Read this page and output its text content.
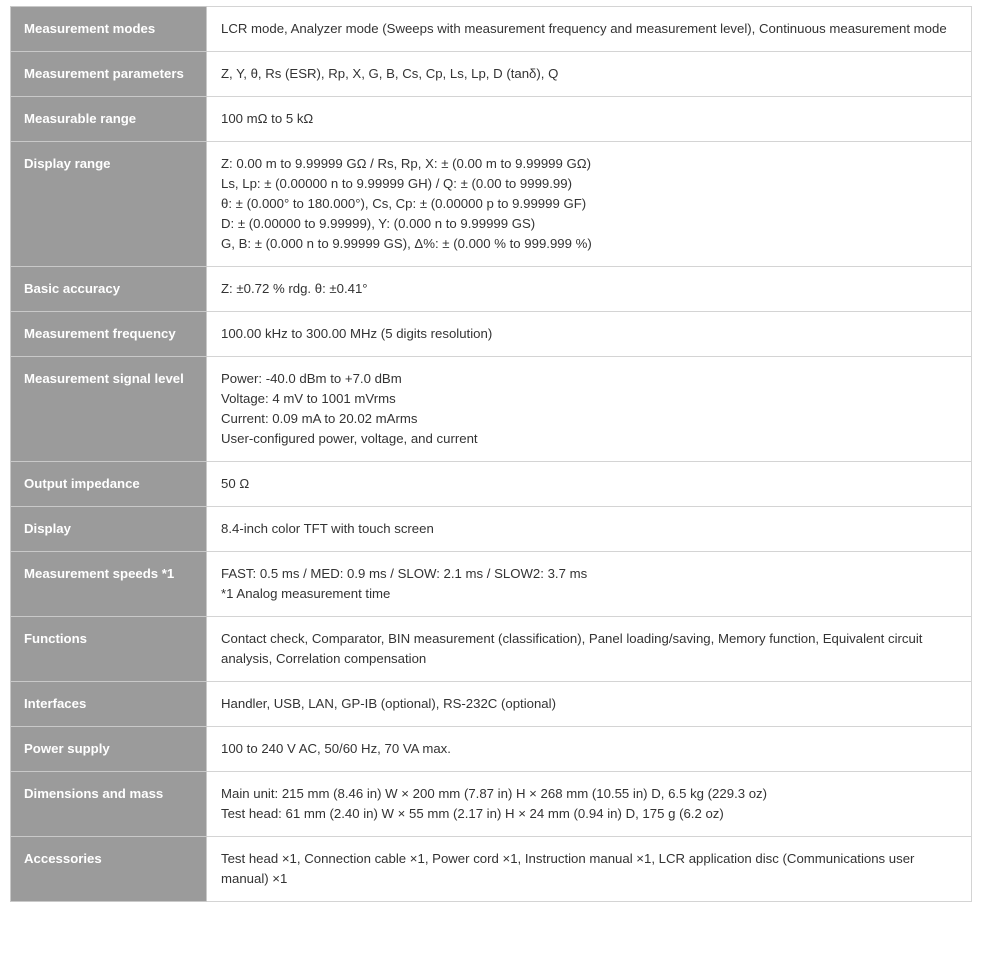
Measurement modes	LCR mode, Analyzer mode (Sweeps with measurement frequency and measurement level), Continuous measurement mode

Measurement parameters	Z, Y, θ, Rs (ESR), Rp, X, G, B, Cs, Cp, Ls, Lp, D (tanδ), Q

Measurable range	100 mΩ to 5 kΩ

Display range	Z: 0.00 m to 9.99999 GΩ / Rs, Rp, X: ± (0.00 m to 9.99999 GΩ)
Ls, Lp: ± (0.00000 n to 9.99999 GH) / Q: ± (0.00 to 9999.99)
θ: ± (0.000° to 180.000°), Cs, Cp: ± (0.00000 p to 9.99999 GF)
D: ± (0.00000 to 9.99999), Y: (0.000 n to 9.99999 GS)
G, B: ± (0.000 n to 9.99999 GS), Δ%: ± (0.000 % to 999.999 %)

Basic accuracy	Z: ±0.72 % rdg. θ: ±0.41°

Measurement frequency	100.00 kHz to 300.00 MHz (5 digits resolution)

Measurement signal level	Power: -40.0 dBm to +7.0 dBm
Voltage: 4 mV to 1001 mVrms
Current: 0.09 mA to 20.02 mArms
User-configured power, voltage, and current

Output impedance	50 Ω

Display	8.4-inch color TFT with touch screen

Measurement speeds *1	FAST: 0.5 ms / MED: 0.9 ms / SLOW: 2.1 ms / SLOW2: 3.7 ms
*1 Analog measurement time

Functions	Contact check, Comparator, BIN measurement (classification), Panel loading/saving, Memory function, Equivalent circuit analysis, Correlation compensation

Interfaces	Handler, USB, LAN, GP-IB (optional), RS-232C (optional)

Power supply	100 to 240 V AC, 50/60 Hz, 70 VA max.

Dimensions and mass	Main unit: 215 mm (8.46 in) W × 200 mm (7.87 in) H × 268 mm (10.55 in) D, 6.5 kg (229.3 oz)
Test head: 61 mm (2.40 in) W × 55 mm (2.17 in) H × 24 mm (0.94 in) D, 175 g (6.2 oz)

Accessories	Test head ×1, Connection cable ×1, Power cord ×1, Instruction manual ×1, LCR application disc (Communications user manual) ×1
